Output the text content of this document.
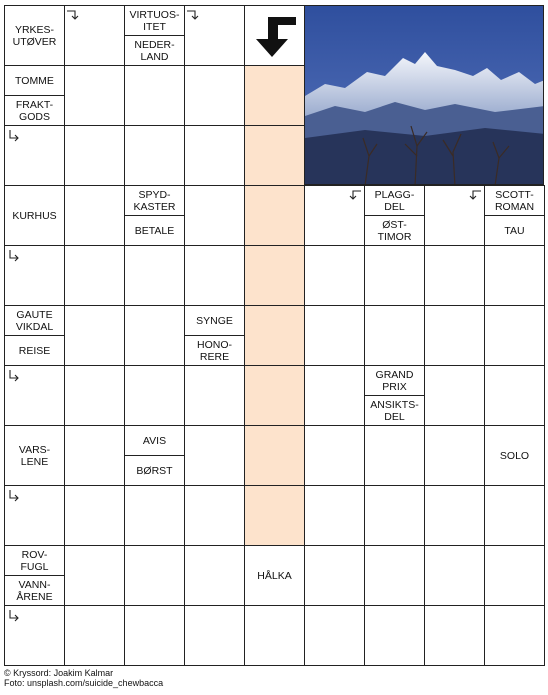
YRKES-
UTØVER
VIRTUOS-
ITET
NEDER-
LAND
TOMME
FRAKT-
GODS
KURHUS
SPYD-
KASTER
BETALE
PLAGG-
DEL
ØST-
TIMOR
SCOTT-
ROMAN
TAU
GAUTE
VIKDAL
REISE
SYNGE
HONO-
RERE
GRAND
PRIX
ANSIKTS-
DEL
VARS-
LENE
AVIS
BØRST
SOLO
ROV-
FUGL
VANN-
ÅRENE
HÅLKA
© Kryssord: Joakim Kalmar
Foto: unsplash.com/suicide_chewbacca
